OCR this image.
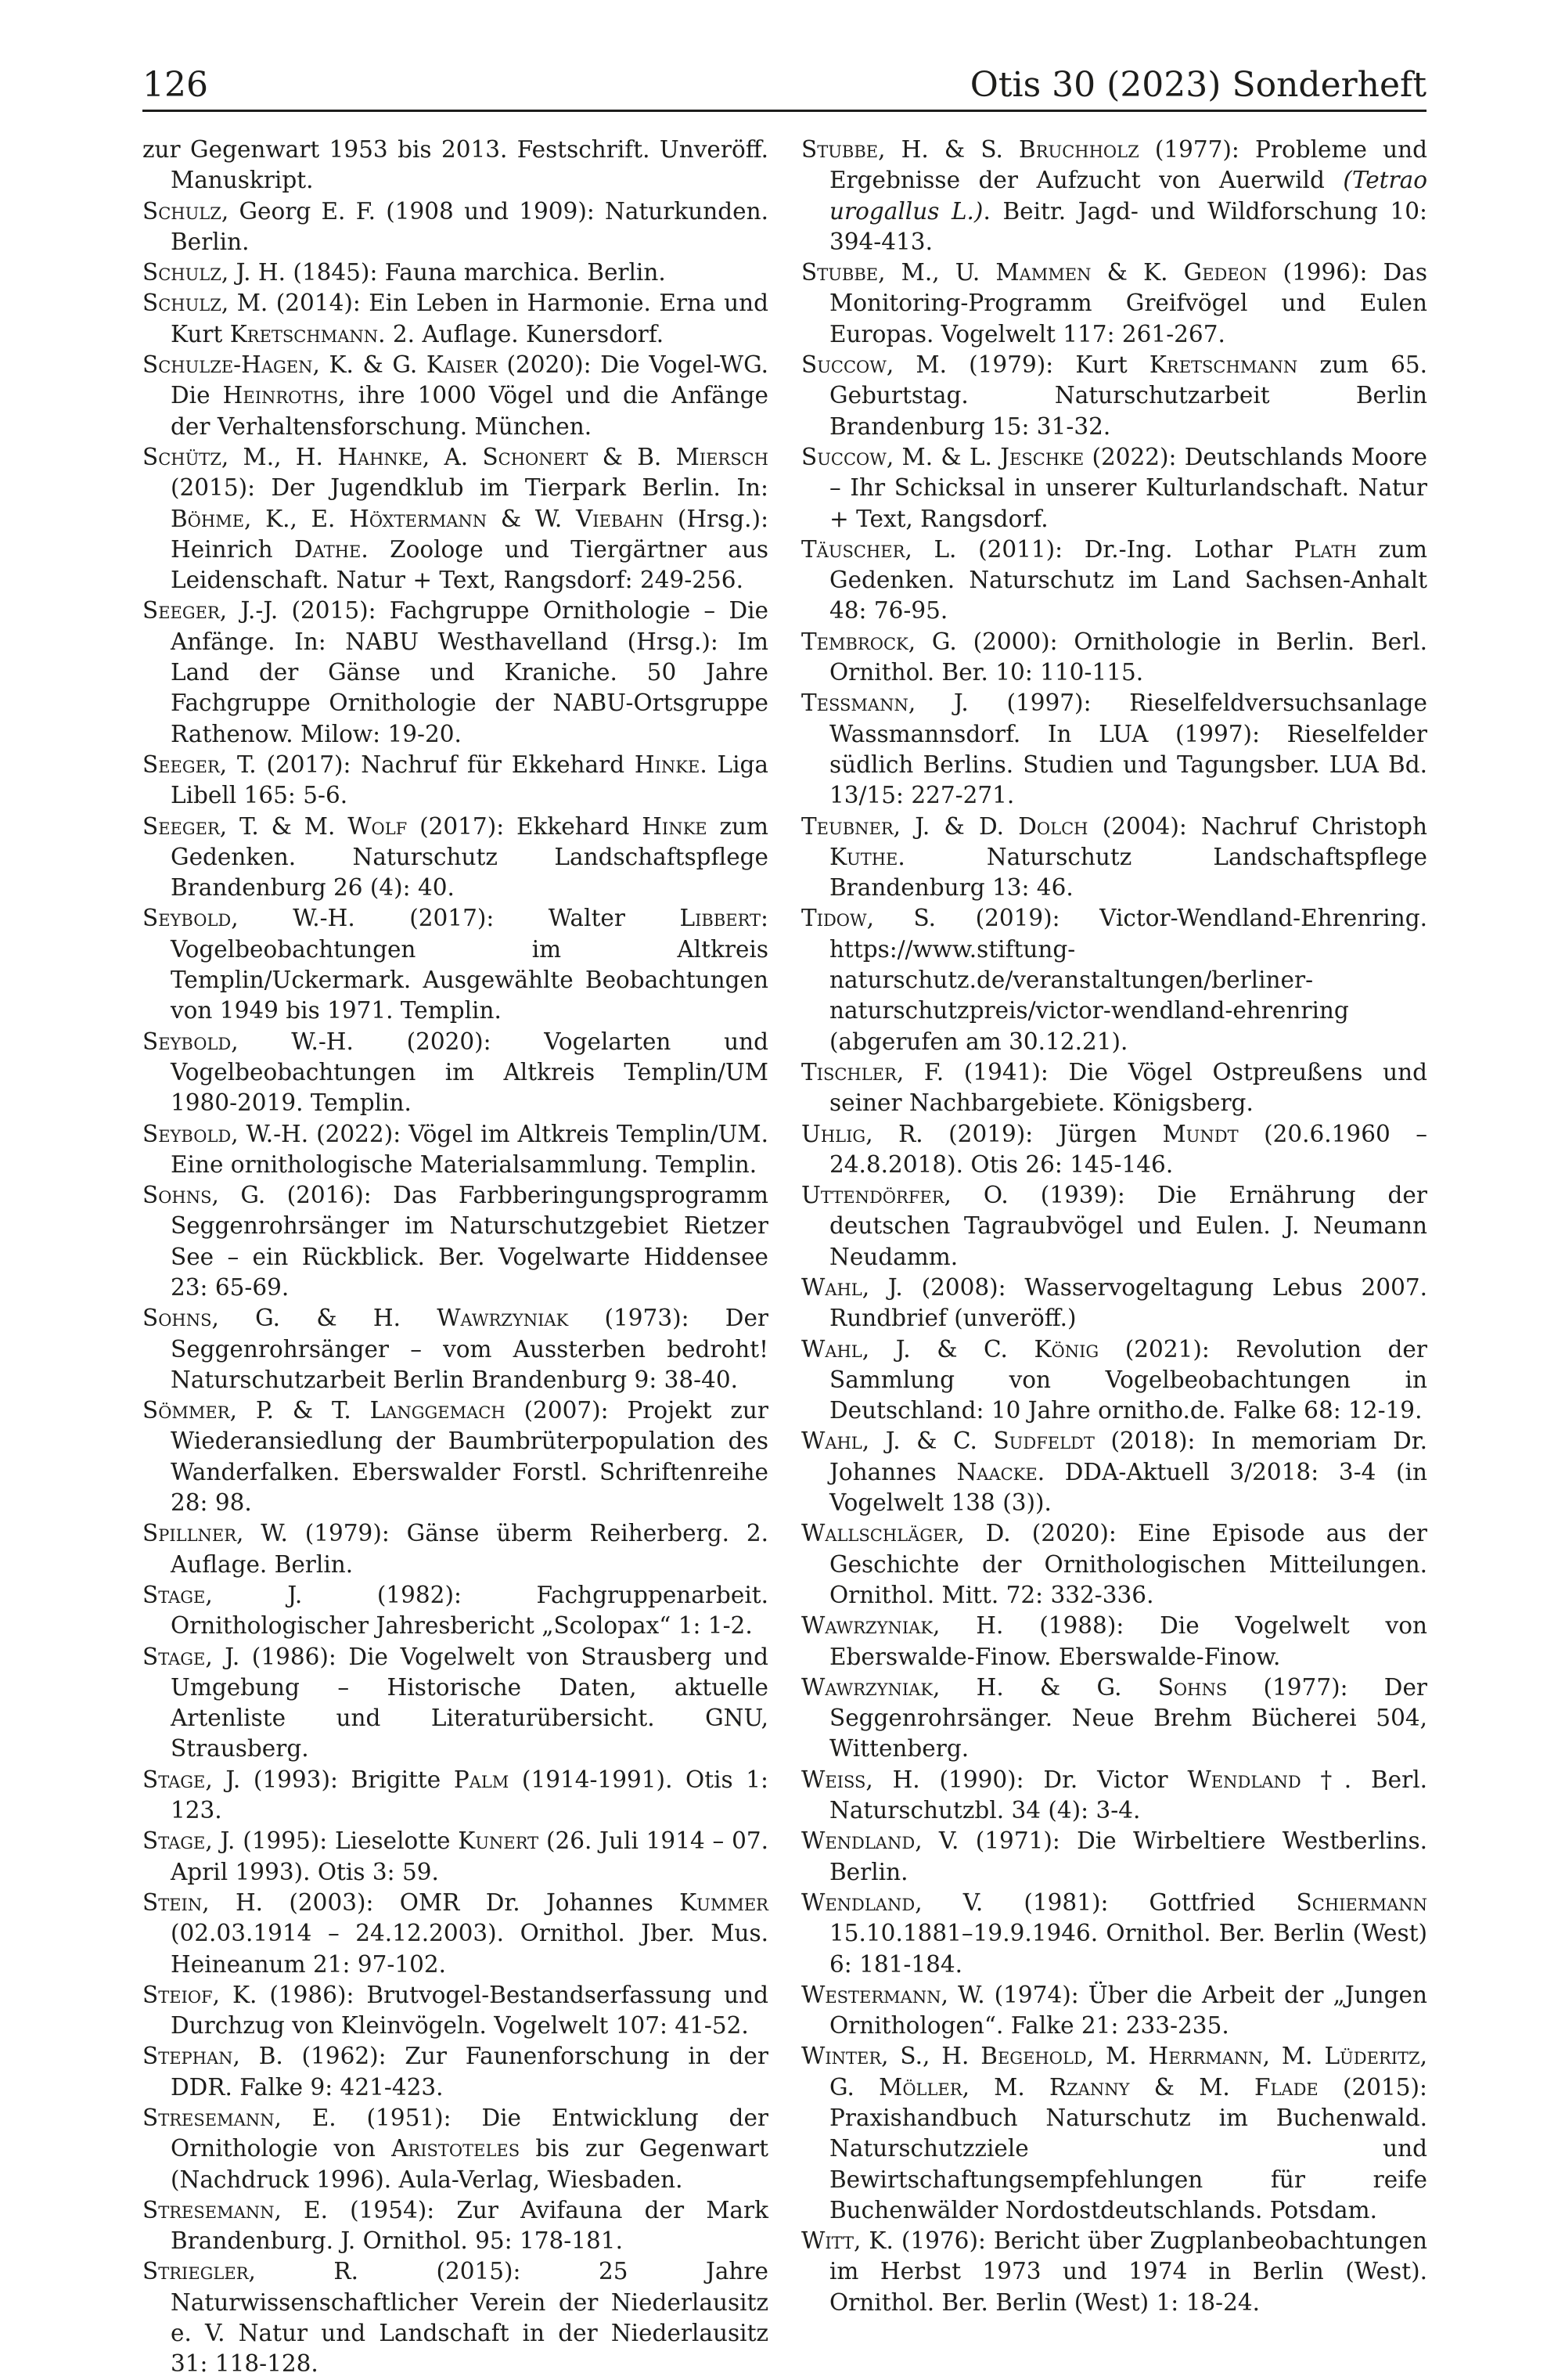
126	Otis 30 (2023) Sonderheft

zur Gegenwart 1953 bis 2013. Festschrift. Unveröff. Manuskript.

Schulz, Georg E. F. (1908 und 1909): Naturkunden. Berlin.

Schulz, J. H. (1845): Fauna marchica. Berlin.

Schulz, M. (2014): Ein Leben in Harmonie. Erna und Kurt Kretschmann. 2. Auflage. Kunersdorf.

Schulze-Hagen, K. & G. Kaiser (2020): Die Vogel-WG. Die Heinroths, ihre 1000 Vögel und die Anfänge der Verhaltensforschung. München.

Schütz, M., H. Hahnke, A. Schonert & B. Miersch (2015): Der Jugendklub im Tierpark Berlin. In: Böhme, K., E. Höxtermann & W. Viebahn (Hrsg.): Heinrich Dathe. Zoologe und Tiergärtner aus Leidenschaft. Natur + Text, Rangsdorf: 249-256.

Seeger, J.-J. (2015): Fachgruppe Ornithologie – Die Anfänge. In: NABU Westhavelland (Hrsg.): Im Land der Gänse und Kraniche. 50 Jahre Fachgruppe Ornithologie der NABU-Ortsgruppe Rathenow. Milow: 19-20.

Seeger, T. (2017): Nachruf für Ekkehard Hinke. Liga Libell 165: 5-6.

Seeger, T. & M. Wolf (2017): Ekkehard Hinke zum Gedenken. Naturschutz Landschaftspflege Brandenburg 26 (4): 40.

Seybold, W.-H. (2017): Walter Libbert: Vogelbeobachtungen im Altkreis Templin/Uckermark. Ausgewählte Beobachtungen von 1949 bis 1971. Templin.

Seybold, W.-H. (2020): Vogelarten und Vogelbeobachtungen im Altkreis Templin/UM 1980-2019. Templin.

Seybold, W.-H. (2022): Vögel im Altkreis Templin/UM. Eine ornithologische Materialsammlung. Templin.

Sohns, G. (2016): Das Farbberingungsprogramm Seggenrohrsänger im Naturschutzgebiet Rietzer See – ein Rückblick. Ber. Vogelwarte Hiddensee 23: 65-69.

Sohns, G. & H. Wawrzyniak (1973): Der Seggenrohrsänger – vom Aussterben bedroht! Naturschutzarbeit Berlin Brandenburg 9: 38-40.

Sömmer, P. & T. Langgemach (2007): Projekt zur Wiederansiedlung der Baumbrüterpopulation des Wanderfalken. Eberswalder Forstl. Schriftenreihe 28: 98.

Spillner, W. (1979): Gänse überm Reiherberg. 2. Auflage. Berlin.

Stage, J. (1982): Fachgruppenarbeit. Ornithologischer Jahresbericht „Scolopax“ 1: 1-2.

Stage, J. (1986): Die Vogelwelt von Strausberg und Umgebung – Historische Daten, aktuelle Artenliste und Literaturübersicht. GNU, Strausberg.

Stage, J. (1993): Brigitte Palm (1914-1991). Otis 1: 123.

Stage, J. (1995): Lieselotte Kunert (26. Juli 1914 – 07. April 1993). Otis 3: 59.

Stein, H. (2003): OMR Dr. Johannes Kummer (02.03.1914 – 24.12.2003). Ornithol. Jber. Mus. Heineanum 21: 97-102.

Steiof, K. (1986): Brutvogel-Bestandserfassung und Durchzug von Kleinvögeln. Vogelwelt 107: 41-52.

Stephan, B. (1962): Zur Faunenforschung in der DDR. Falke 9: 421-423.

Stresemann, E. (1951): Die Entwicklung der Ornithologie von Aristoteles bis zur Gegenwart (Nachdruck 1996). Aula-Verlag, Wiesbaden.

Stresemann, E. (1954): Zur Avifauna der Mark Brandenburg. J. Ornithol. 95: 178-181.

Striegler, R. (2015): 25 Jahre Naturwissenschaftlicher Verein der Niederlausitz e. V. Natur und Landschaft in der Niederlausitz 31: 118-128.

Stubbe, H. & S. Bruchholz (1977): Probleme und Ergebnisse der Aufzucht von Auerwild (Tetrao urogallus L.). Beitr. Jagd- und Wildforschung 10: 394-413.

Stubbe, M., U. Mammen & K. Gedeon (1996): Das Monitoring-Programm Greifvögel und Eulen Europas. Vogelwelt 117: 261-267.

Succow, M. (1979): Kurt Kretschmann zum 65. Geburtstag. Naturschutzarbeit Berlin Brandenburg 15: 31-32.

Succow, M. & L. Jeschke (2022): Deutschlands Moore – Ihr Schicksal in unserer Kulturlandschaft. Natur + Text, Rangsdorf.

Täuscher, L. (2011): Dr.-Ing. Lothar Plath zum Gedenken. Naturschutz im Land Sachsen-Anhalt 48: 76-95.

Tembrock, G. (2000): Ornithologie in Berlin. Berl. Ornithol. Ber. 10: 110-115.

Tessmann, J. (1997): Rieselfeldversuchsanlage Wassmannsdorf. In LUA (1997): Rieselfelder südlich Berlins. Studien und Tagungsber. LUA Bd. 13/15: 227-271.

Teubner, J. & D. Dolch (2004): Nachruf Christoph Kuthe. Naturschutz Landschaftspflege Brandenburg 13: 46.

Tidow, S. (2019): Victor-Wendland-Ehrenring. https://www.stiftung-naturschutz.de/veranstaltungen/berliner-naturschutzpreis/victor-wendland-ehrenring (abgerufen am 30.12.21).

Tischler, F. (1941): Die Vögel Ostpreußens und seiner Nachbargebiete. Königsberg.

Uhlig, R. (2019): Jürgen Mundt (20.6.1960 – 24.8.2018). Otis 26: 145-146.

Uttendörfer, O. (1939): Die Ernährung der deutschen Tagraubvögel und Eulen. J. Neumann Neudamm.

Wahl, J. (2008): Wasservogeltagung Lebus 2007. Rundbrief (unveröff.)

Wahl, J. & C. König (2021): Revolution der Sammlung von Vogelbeobachtungen in Deutschland: 10 Jahre ornitho.de. Falke 68: 12-19.

Wahl, J. & C. Sudfeldt (2018): In memoriam Dr. Johannes Naacke. DDA-Aktuell 3/2018: 3-4 (in Vogelwelt 138 (3)).

Wallschläger, D. (2020): Eine Episode aus der Geschichte der Ornithologischen Mitteilungen. Ornithol. Mitt. 72: 332-336.

Wawrzyniak, H. (1988): Die Vogelwelt von Eberswalde-Finow. Eberswalde-Finow.

Wawrzyniak, H. & G. Sohns (1977): Der Seggenrohrsänger. Neue Brehm Bücherei 504, Wittenberg.

Weiss, H. (1990): Dr. Victor Wendland †. Berl. Naturschutzbl. 34 (4): 3-4.

Wendland, V. (1971): Die Wirbeltiere Westberlins. Berlin.

Wendland, V. (1981): Gottfried Schiermann 15.10.1881–19.9.1946. Ornithol. Ber. Berlin (West) 6: 181-184.

Westermann, W. (1974): Über die Arbeit der „Jungen Ornithologen“. Falke 21: 233-235.

Winter, S., H. Begehold, M. Herrmann, M. Lüderitz, G. Möller, M. Rzanny & M. Flade (2015): Praxishandbuch Naturschutz im Buchenwald. Naturschutzziele und Bewirtschaftungsempfehlungen für reife Buchenwälder Nordostdeutschlands. Potsdam.

Witt, K. (1976): Bericht über Zugplanbeobachtungen im Herbst 1973 und 1974 in Berlin (West). Ornithol. Ber. Berlin (West) 1: 18-24.
